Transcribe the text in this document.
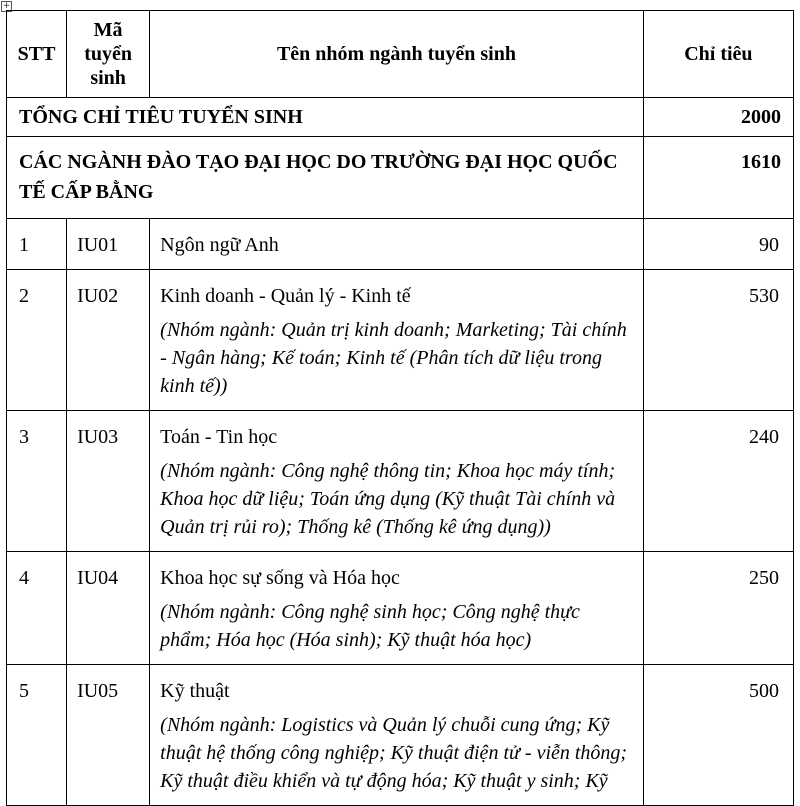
+
STT	Mã tuyển sinh	Tên nhóm ngành tuyển sinh	Chỉ tiêu
TỔNG CHỈ TIÊU TUYỂN SINH			2000
CÁC NGÀNH ĐÀO TẠO ĐẠI HỌC DO TRƯỜNG ĐẠI HỌC QUỐC TẾ CẤP BẰNG			1610
1	IU01	Ngôn ngữ Anh	90
2	IU02	Kinh doanh - Quản lý - Kinh tế
(Nhóm ngành: Quản trị kinh doanh; Marketing; Tài chính - Ngân hàng; Kế toán; Kinh tế (Phân tích dữ liệu trong kinh tế))	530
3	IU03	Toán - Tin học
(Nhóm ngành: Công nghệ thông tin; Khoa học máy tính; Khoa học dữ liệu; Toán ứng dụng (Kỹ thuật Tài chính và Quản trị rủi ro); Thống kê (Thống kê ứng dụng))	240
4	IU04	Khoa học sự sống và Hóa học
(Nhóm ngành: Công nghệ sinh học; Công nghệ thực phẩm; Hóa học (Hóa sinh); Kỹ thuật hóa học)	250
5	IU05	Kỹ thuật
(Nhóm ngành: Logistics và Quản lý chuỗi cung ứng; Kỹ thuật hệ thống công nghiệp; Kỹ thuật điện tử - viễn thông; Kỹ thuật điều khiển và tự động hóa; Kỹ thuật y sinh; Kỹ	500
